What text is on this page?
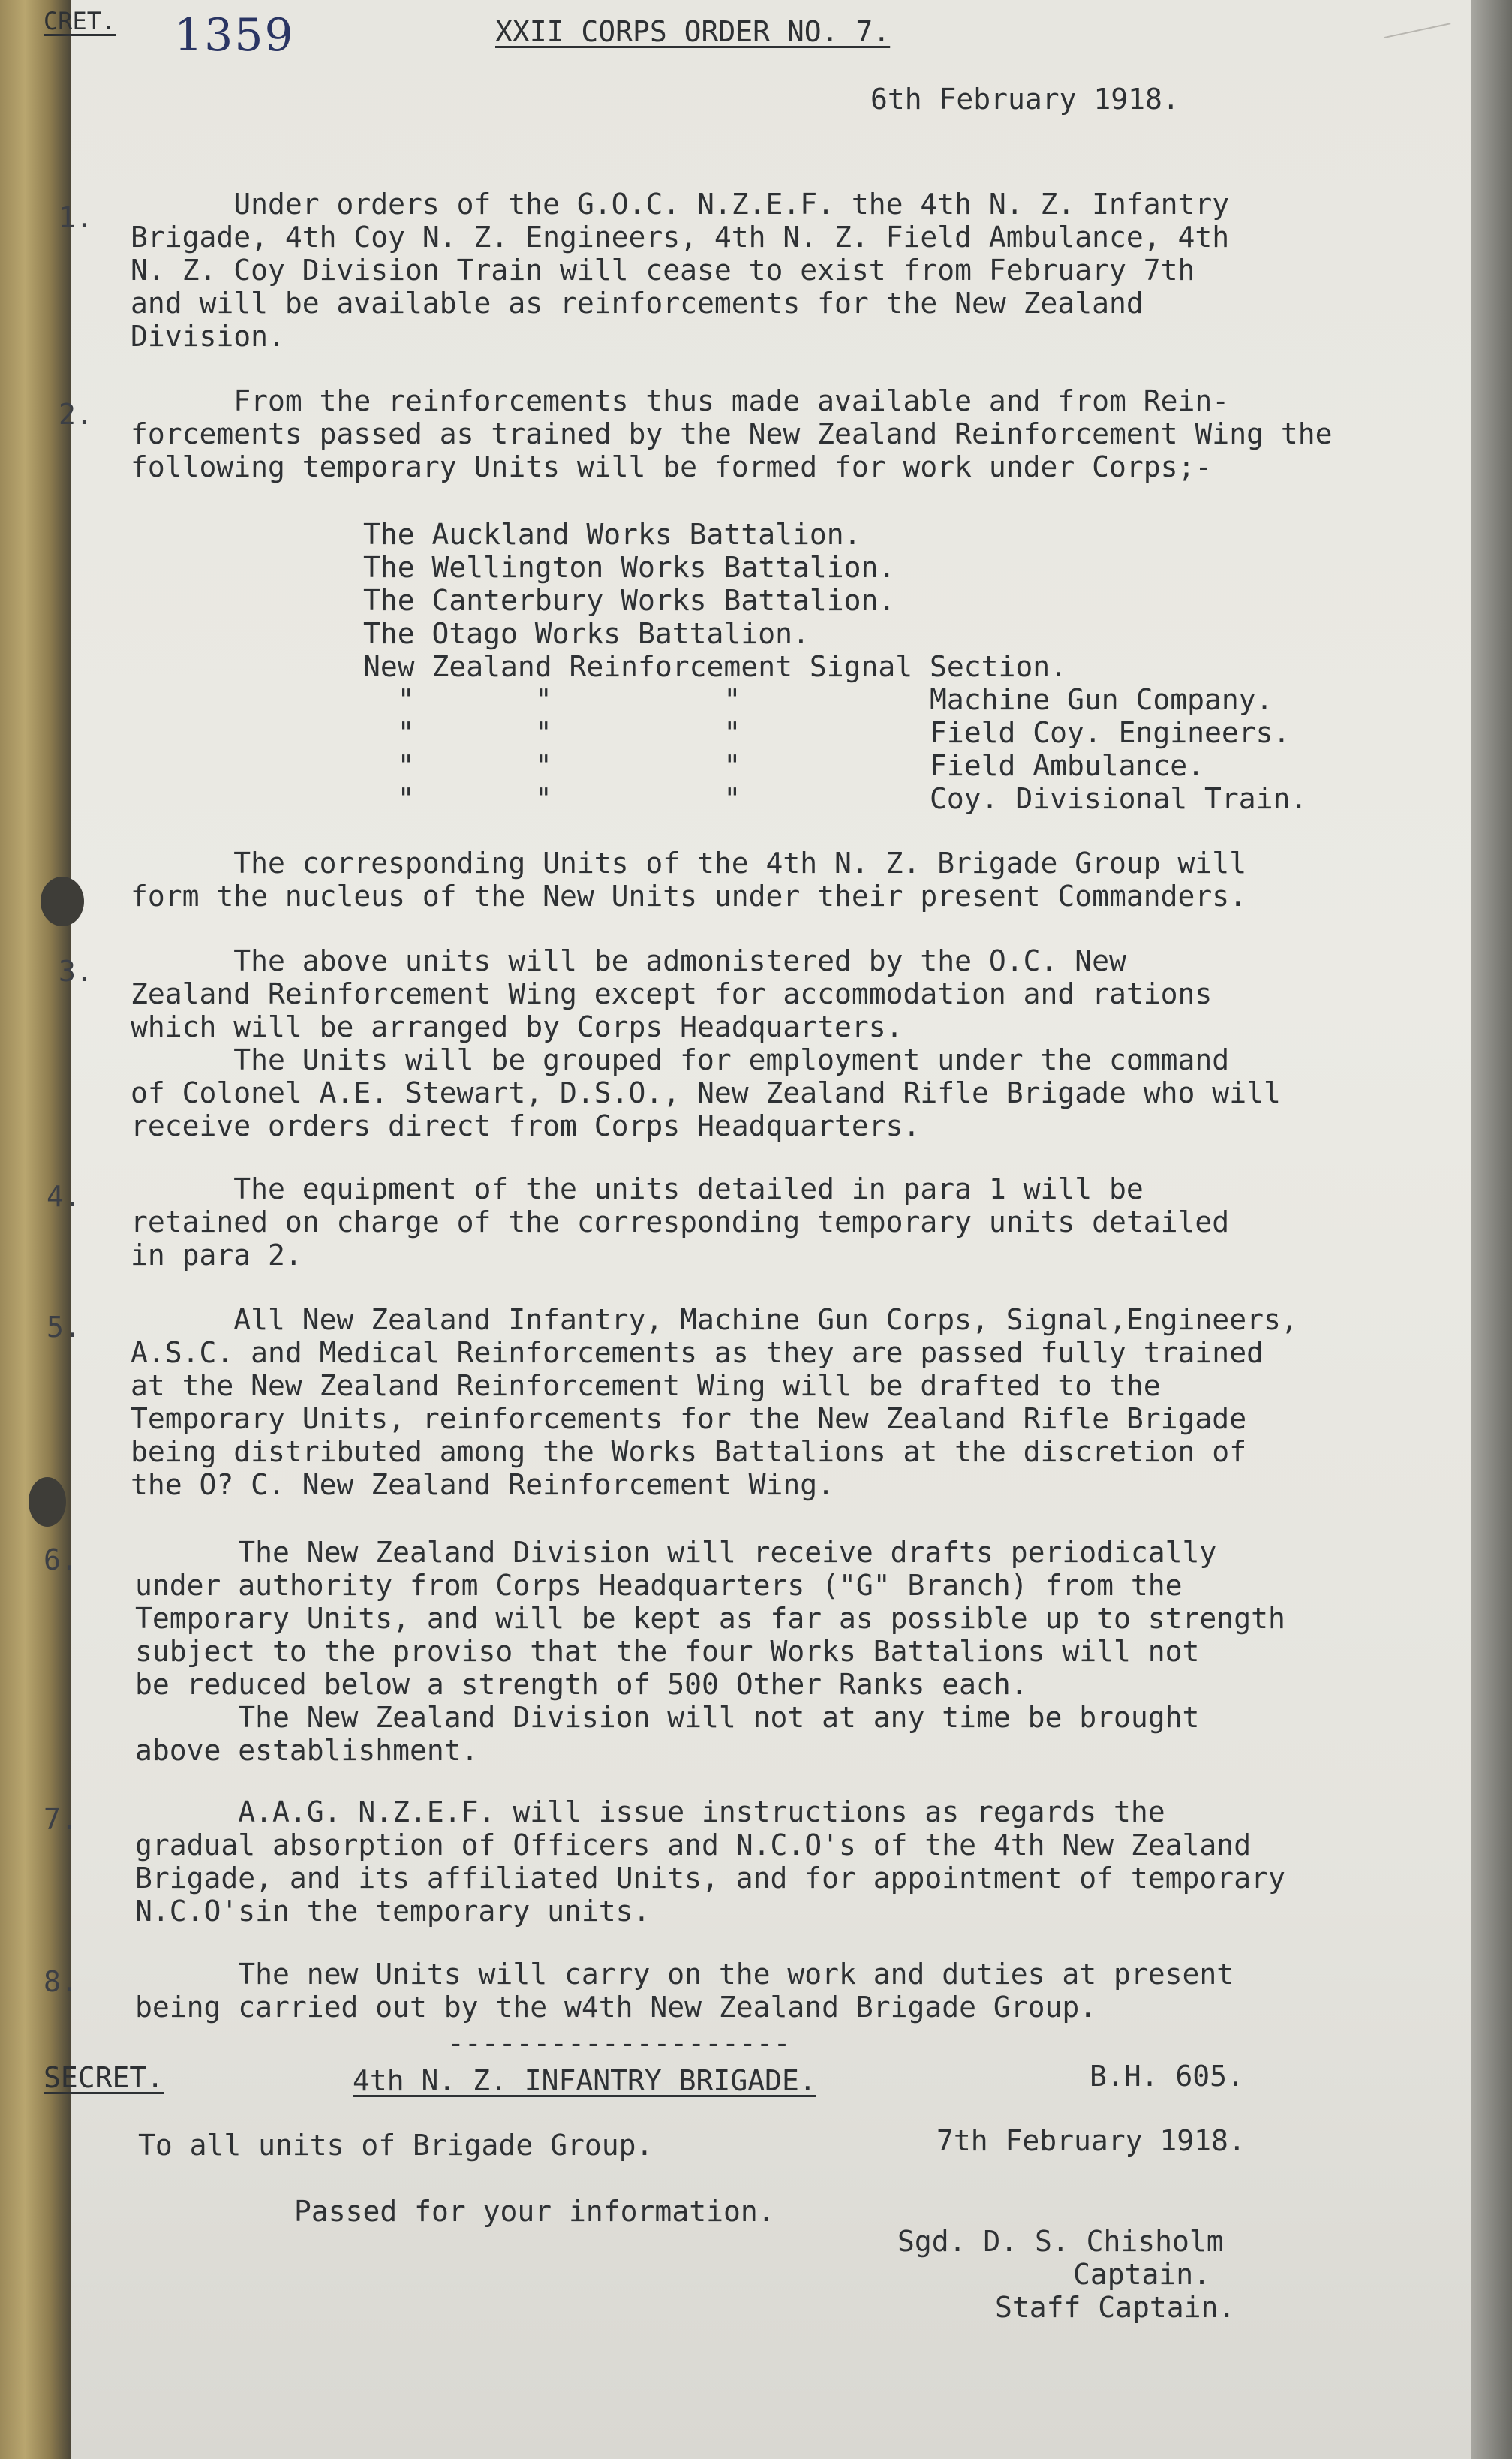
CRET. 1359	XXII CORPS ORDER NO. 7.
6th February 1918.
1. Under orders of the G.O.C. N.Z.E.F. the 4th N. Z. Infantry
Brigade, 4th Coy N. Z. Engineers, 4th N. Z. Field Ambulance, 4th
N. Z. Coy Division Train will cease to exist from February 7th
and will be available as reinforcements for the New Zealand
Division.
2. From the reinforcements thus made available and from Rein-
forcements passed as trained by the New Zealand Reinforcement Wing the
following temporary Units will be formed for work under Corps;-
The Auckland Works Battalion.
The Wellington Works Battalion.
The Canterbury Works Battalion.
The Otago Works Battalion.
New Zealand Reinforcement Signal Section.
"       "          "           Machine Gun Company.
"       "          "           Field Coy. Engineers.
"       "          "           Field Ambulance.
"       "          "           Coy. Divisional Train.
The corresponding Units of the 4th N. Z. Brigade Group will
form the nucleus of the New Units under their present Commanders.
3. The above units will be admonistered by the O.C. New
Zealand Reinforcement Wing except for accommodation and rations
which will be arranged by Corps Headquarters.
The Units will be grouped for employment under the command
of Colonel A.E. Stewart, D.S.O., New Zealand Rifle Brigade who will
receive orders direct from Corps Headquarters.
4. The equipment of the units detailed in para 1 will be
retained on charge of the corresponding temporary units detailed
in para 2.
5. All New Zealand Infantry, Machine Gun Corps, Signal,Engineers,
A.S.C. and Medical Reinforcements as they are passed fully trained
at the New Zealand Reinforcement Wing will be drafted to the
Temporary Units, reinforcements for the New Zealand Rifle Brigade
being distributed among the Works Battalions at the discretion of
the O? C. New Zealand Reinforcement Wing.
6. The New Zealand Division will receive drafts periodically
under authority from Corps Headquarters ("G" Branch) from the
Temporary Units, and will be kept as far as possible up to strength
subject to the proviso that the four Works Battalions will not
be reduced below a strength of 500 Other Ranks each.
The New Zealand Division will not at any time be brought
above establishment.
7. A.A.G. N.Z.E.F. will issue instructions as regards the
gradual absorption of Officers and N.C.O's of the 4th New Zealand
Brigade, and its affiliated Units, and for appointment of temporary
N.C.O'sin the temporary units.
8. The new Units will carry on the work and duties at present
being carried out by the w4th New Zealand Brigade Group.
--------------------
SECRET.	4th N. Z. INFANTRY BRIGADE.	B.H. 605.
To all units of Brigade Group.	7th February 1918.
Passed for your information.
Sgd. D. S. Chisholm
Captain.
Staff Captain.
